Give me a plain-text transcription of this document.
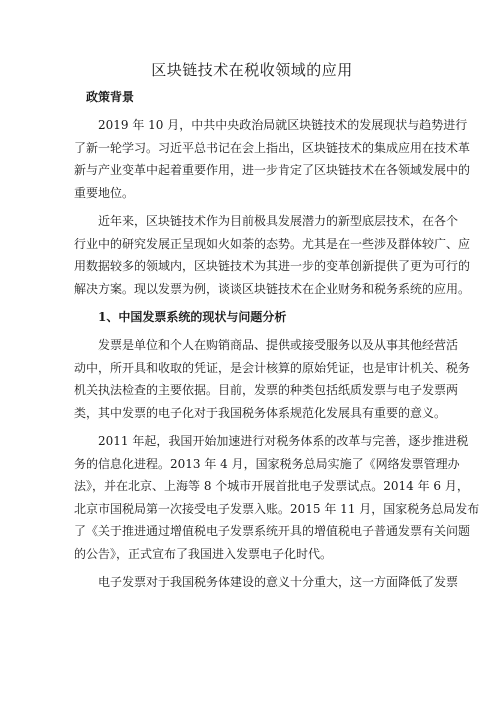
区块链技术在税收领域的应用
政策背景
2019 年 10 月，中共中央政治局就区块链技术的发展现状与趋势进行
了新一轮学习。习近平总书记在会上指出，区块链技术的集成应用在技术革
新与产业变革中起着重要作用，进一步肯定了区块链技术在各领域发展中的
重要地位。
近年来，区块链技术作为目前极具发展潜力的新型底层技术，在各个
行业中的研究发展正呈现如火如荼的态势。尤其是在一些涉及群体较广、应
用数据较多的领域内，区块链技术为其进一步的变革创新提供了更为可行的
解决方案。现以发票为例，谈谈区块链技术在企业财务和税务系统的应用。
1、中国发票系统的现状与问题分析
发票是单位和个人在购销商品、提供或接受服务以及从事其他经营活
动中，所开具和收取的凭证，是会计核算的原始凭证，也是审计机关、税务
机关执法检查的主要依据。目前，发票的种类包括纸质发票与电子发票两
类，其中发票的电子化对于我国税务体系规范化发展具有重要的意义。
2011 年起，我国开始加速进行对税务体系的改革与完善，逐步推进税
务的信息化进程。2013 年 4 月，国家税务总局实施了《网络发票管理办
法》，并在北京、上海等 8 个城市开展首批电子发票试点。2014 年 6 月，
北京市国税局第一次接受电子发票入账。2015 年 11 月，国家税务总局发布
了《关于推进通过增值税电子发票系统开具的增值税电子普通发票有关问题
的公告》，正式宣布了我国进入发票电子化时代。
电子发票对于我国税务体建设的意义十分重大，这一方面降低了发票
